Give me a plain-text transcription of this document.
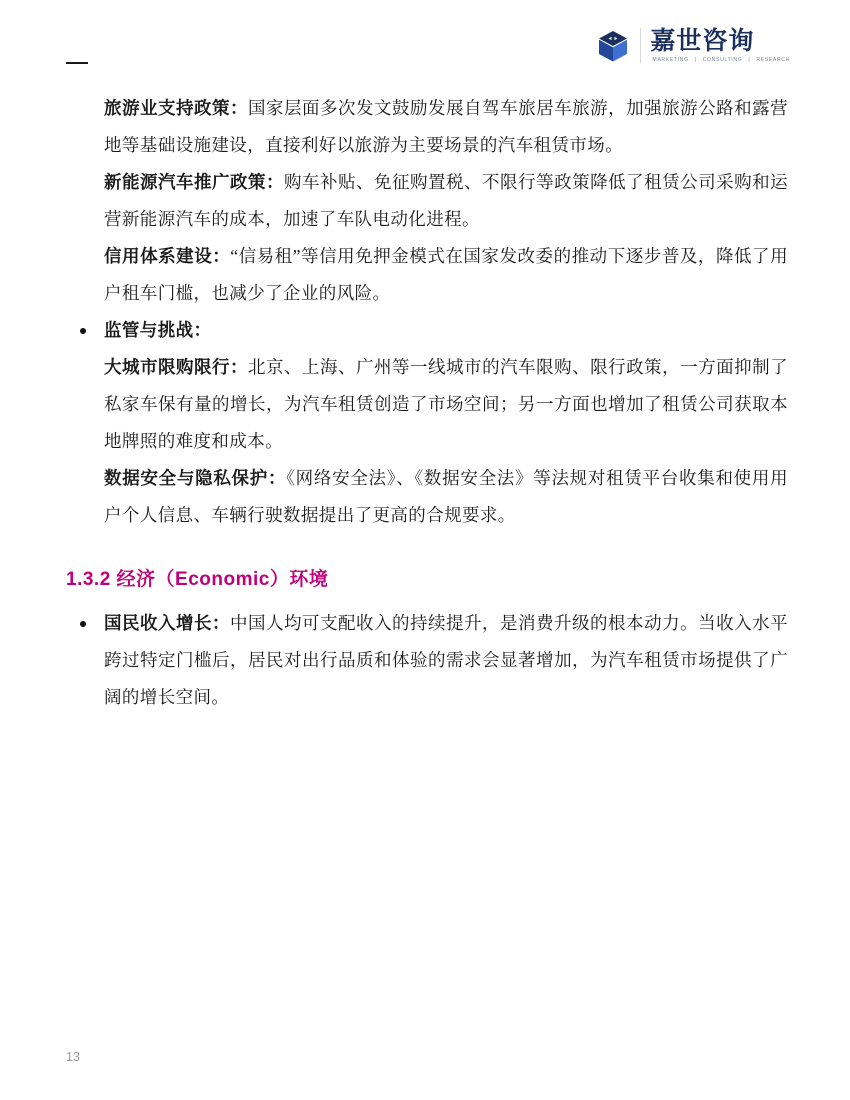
嘉世咨询
MARKETING | CONSULTING | RESEARCH

旅游业支持政策：国家层面多次发文鼓励发展自驾车旅居车旅游，加强旅游公路和露营地等基础设施建设，直接利好以旅游为主要场景的汽车租赁市场。

新能源汽车推广政策：购车补贴、免征购置税、不限行等政策降低了租赁公司采购和运营新能源汽车的成本，加速了车队电动化进程。

信用体系建设：“信易租”等信用免押金模式在国家发改委的推动下逐步普及，降低了用户租车门槛，也减少了企业的风险。

监管与挑战：

大城市限购限行：北京、上海、广州等一线城市的汽车限购、限行政策，一方面抑制了私家车保有量的增长，为汽车租赁创造了市场空间；另一方面也增加了租赁公司获取本地牌照的难度和成本。

数据安全与隐私保护：《网络安全法》、《数据安全法》等法规对租赁平台收集和使用用户个人信息、车辆行驶数据提出了更高的合规要求。

1.3.2 经济（Economic）环境
国民收入增长：中国人均可支配收入的持续提升，是消费升级的根本动力。当收入水平跨过特定门槛后，居民对出行品质和体验的需求会显著增加，为汽车租赁市场提供了广阔的增长空间。
13
